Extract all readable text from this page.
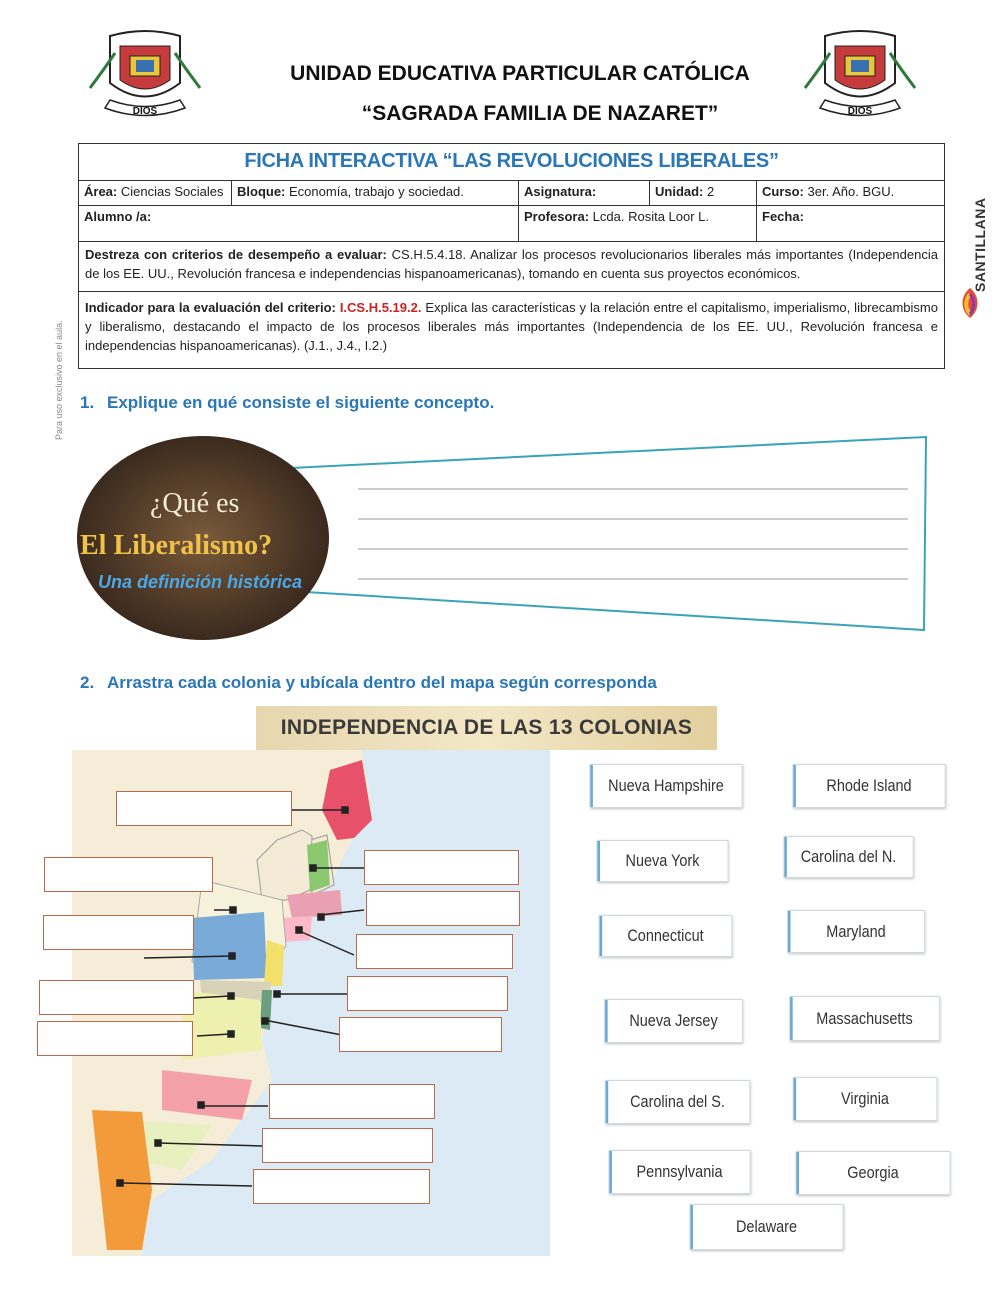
DIOS	DIOS
UNIDAD EDUCATIVA PARTICULAR CATÓLICA
“SAGRADA FAMILIA DE NAZARET”
Para uso exclusivo en el aula.
SANTILLANA
FICHA INTERACTIVA “LAS REVOLUCIONES LIBERALES”
Área: Ciencias Sociales	Bloque: Economía, trabajo y sociedad.	Asignatura:	Unidad: 2	Curso: 3er. Año. BGU.
Alumno /a:	Profesora: Lcda. Rosita Loor L.	Fecha:
Destreza con criterios de desempeño a evaluar: CS.H.5.4.18. Analizar los procesos revolucionarios liberales más importantes (Independencia de los EE. UU., Revolución francesa e independencias hispanoamericanas), tomando en cuenta sus proyectos económicos.
Indicador para la evaluación del criterio: I.CS.H.5.19.2. Explica las características y la relación entre el capitalismo, imperialismo, librecambismo y liberalismo, destacando el impacto de los procesos liberales más importantes (Independencia de los EE. UU., Revolución francesa e independencias hispanoamericanas). (J.1., J.4., I.2.)
1. Explique en qué consiste el siguiente concepto.
¿Qué es
El Liberalismo?
Una definición histórica
2. Arrastra cada colonia y ubícala dentro del mapa según corresponda
INDEPENDENCIA DE LAS 13 COLONIAS
Nueva Hampshire	Rhode Island
Nueva York	Carolina del N.
Connecticut	Maryland
Nueva Jersey	Massachusetts
Carolina del S.	Virginia
Pennsylvania	Georgia
Delaware
